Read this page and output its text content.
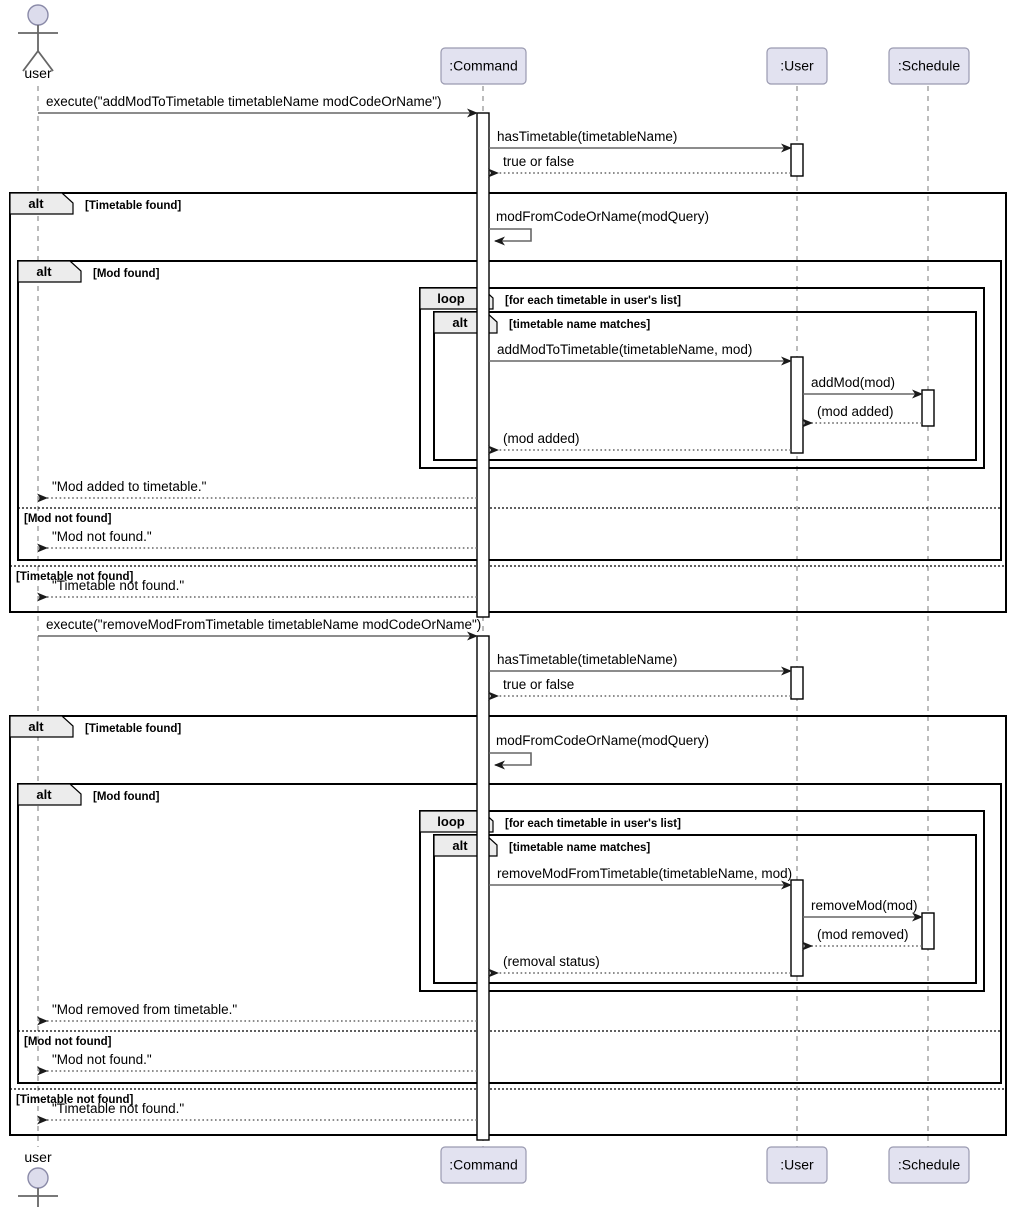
alt	[Timetable found]
[Timetable not found]
alt	[Mod found]
[Mod not found]
loop	[for each timetable in user's list]
alt	[timetable name matches]
alt	[Timetable found]
[Timetable not found]
alt	[Mod found]
[Mod not found]
loop	[for each timetable in user's list]
alt	[timetable name matches]
execute("addModToTimetable timetableName modCodeOrName")
hasTimetable(timetableName)
true or false
modFromCodeOrName(modQuery)
addModToTimetable(timetableName, mod)
addMod(mod)
(mod added)
(mod added)
"Mod added to timetable."
"Mod not found."
"Timetable not found."
execute("removeModFromTimetable timetableName modCodeOrName")
hasTimetable(timetableName)
true or false
modFromCodeOrName(modQuery)
removeModFromTimetable(timetableName, mod)
removeMod(mod)
(mod removed)
(removal status)
"Mod removed from timetable."
"Mod not found."
"Timetable not found."
:Command	:User	:Schedule
:Command	:User	:Schedule
user
user
